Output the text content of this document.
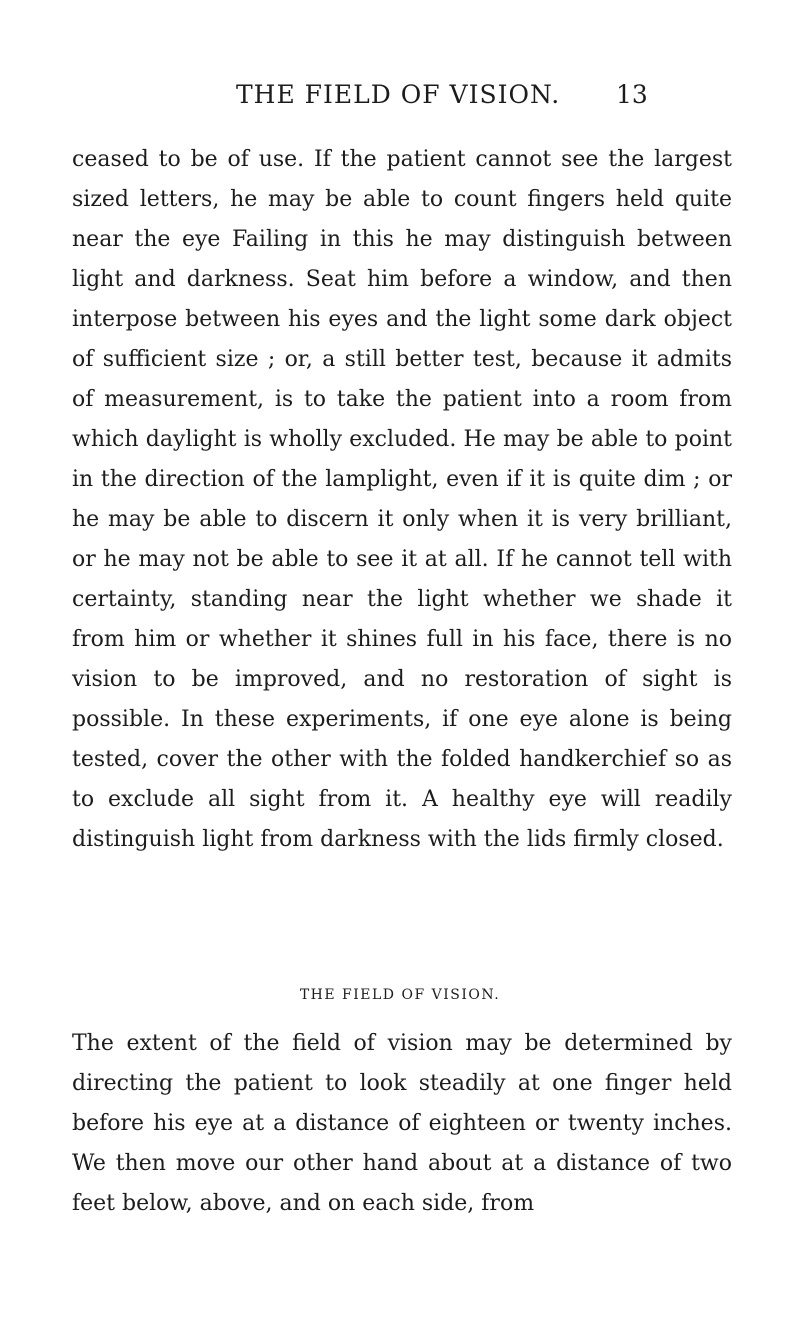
THE FIELD OF VISION. 13

ceased to be of use. If the patient cannot see the largest sized letters, he may be able to count fingers held quite near the eye Failing in this he may distinguish between light and darkness. Seat him before a window, and then interpose between his eyes and the light some dark object of sufficient size ; or, a still better test, because it admits of measurement, is to take the patient into a room from which daylight is wholly excluded. He may be able to point in the direction of the lamplight, even if it is quite dim ; or he may be able to discern it only when it is very brilliant, or he may not be able to see it at all. If he cannot tell with certainty, standing near the light whether we shade it from him or whether it shines full in his face, there is no vision to be improved, and no restoration of sight is possible. In these experiments, if one eye alone is being tested, cover the other with the folded handkerchief so as to exclude all sight from it. A healthy eye will readily distinguish light from darkness with the lids firmly closed.

THE FIELD OF VISION.

The extent of the field of vision may be determined by directing the patient to look steadily at one finger held before his eye at a distance of eighteen or twenty inches. We then move our other hand about at a distance of two feet below, above, and on each side, from
